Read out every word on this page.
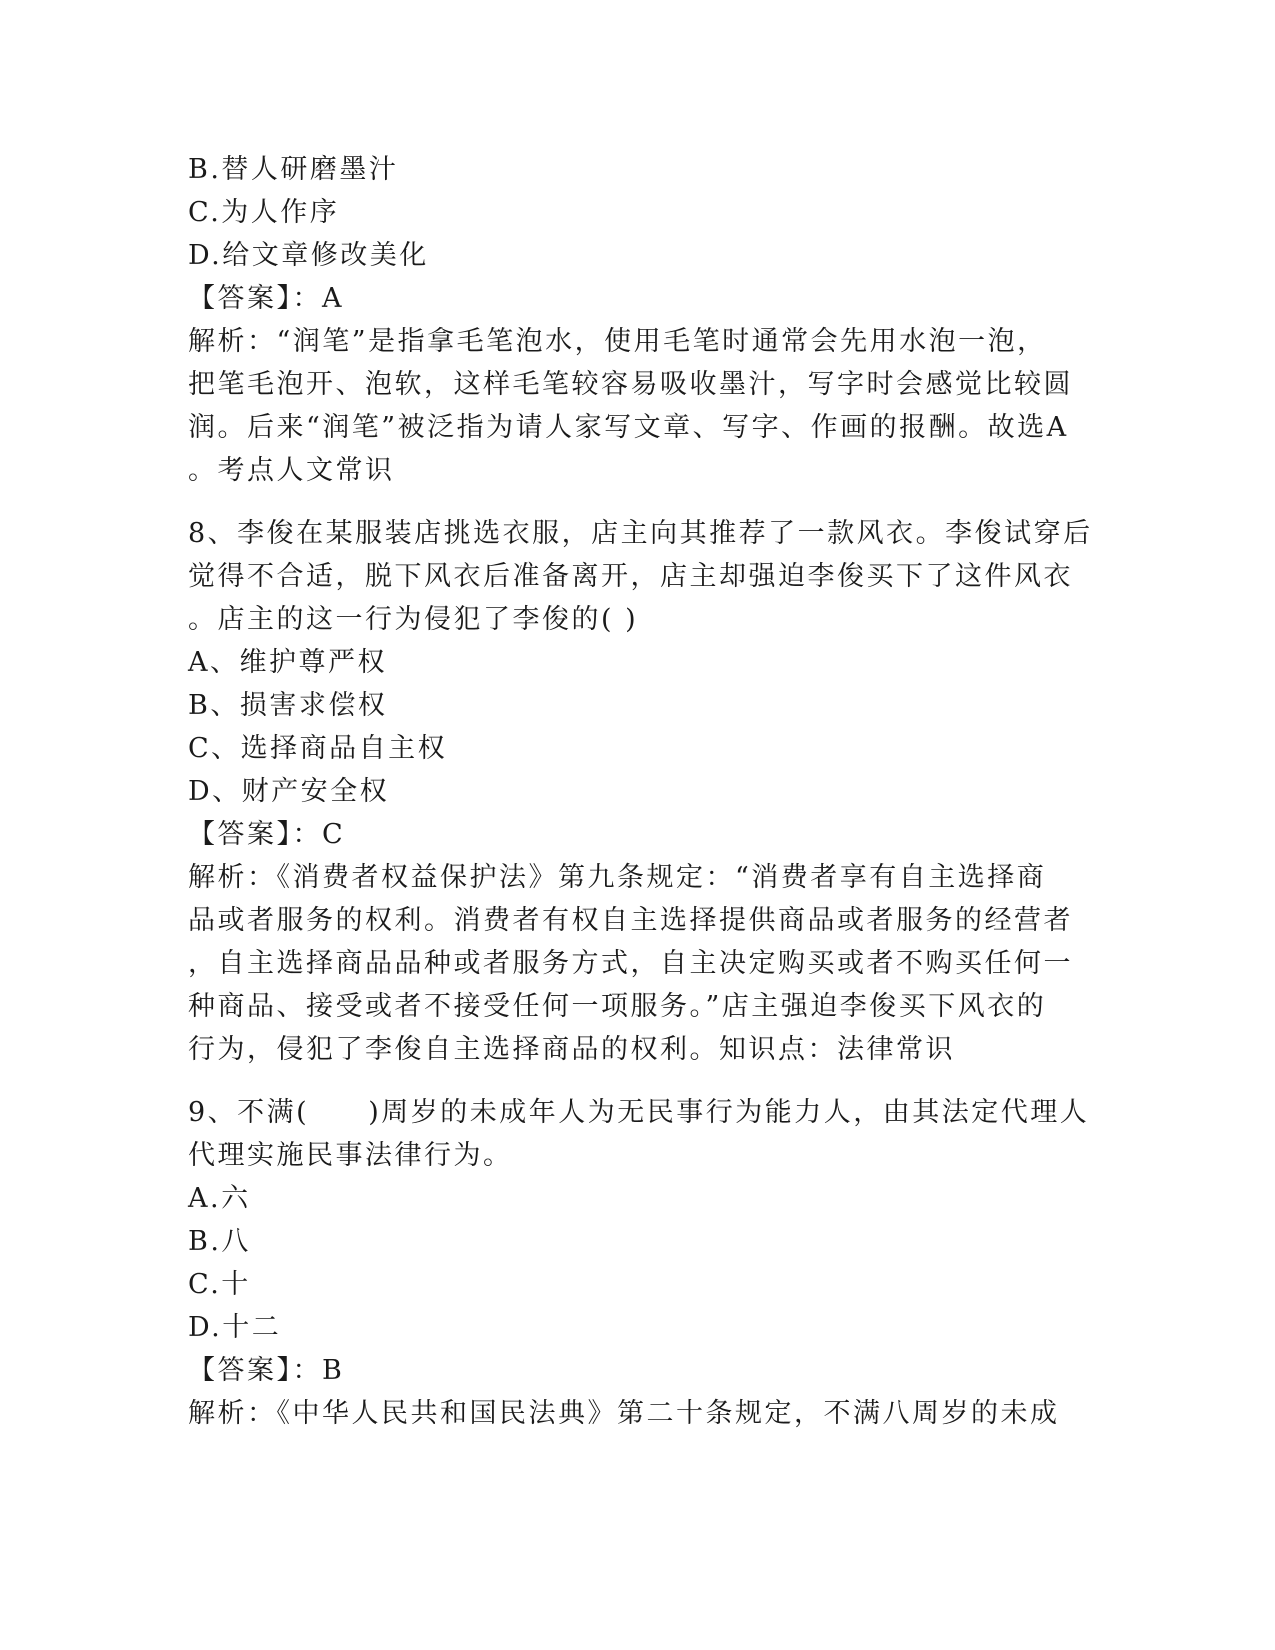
B.替人研磨墨汁
C.为人作序
D.给文章修改美化
【答案】：A
解析：“润笔”是指拿毛笔泡水，使用毛笔时通常会先用水泡一泡，
把笔毛泡开、泡软，这样毛笔较容易吸收墨汁，写字时会感觉比较圆
润。后来“润笔”被泛指为请人家写文章、写字、作画的报酬。故选A
。考点人文常识
8、李俊在某服装店挑选衣服，店主向其推荐了一款风衣。李俊试穿后
觉得不合适，脱下风衣后准备离开，店主却强迫李俊买下了这件风衣
。店主的这一行为侵犯了李俊的( )
A、维护尊严权
B、损害求偿权
C、选择商品自主权
D、财产安全权
【答案】：C
解析：《消费者权益保护法》第九条规定：“消费者享有自主选择商
品或者服务的权利。消费者有权自主选择提供商品或者服务的经营者
，自主选择商品品种或者服务方式，自主决定购买或者不购买任何一
种商品、接受或者不接受任何一项服务。”店主强迫李俊买下风衣的
行为，侵犯了李俊自主选择商品的权利。知识点：法律常识
9、不满(　　)周岁的未成年人为无民事行为能力人，由其法定代理人
代理实施民事法律行为。
A.六
B.八
C.十
D.十二
【答案】：B
解析：《中华人民共和国民法典》第二十条规定，不满八周岁的未成
